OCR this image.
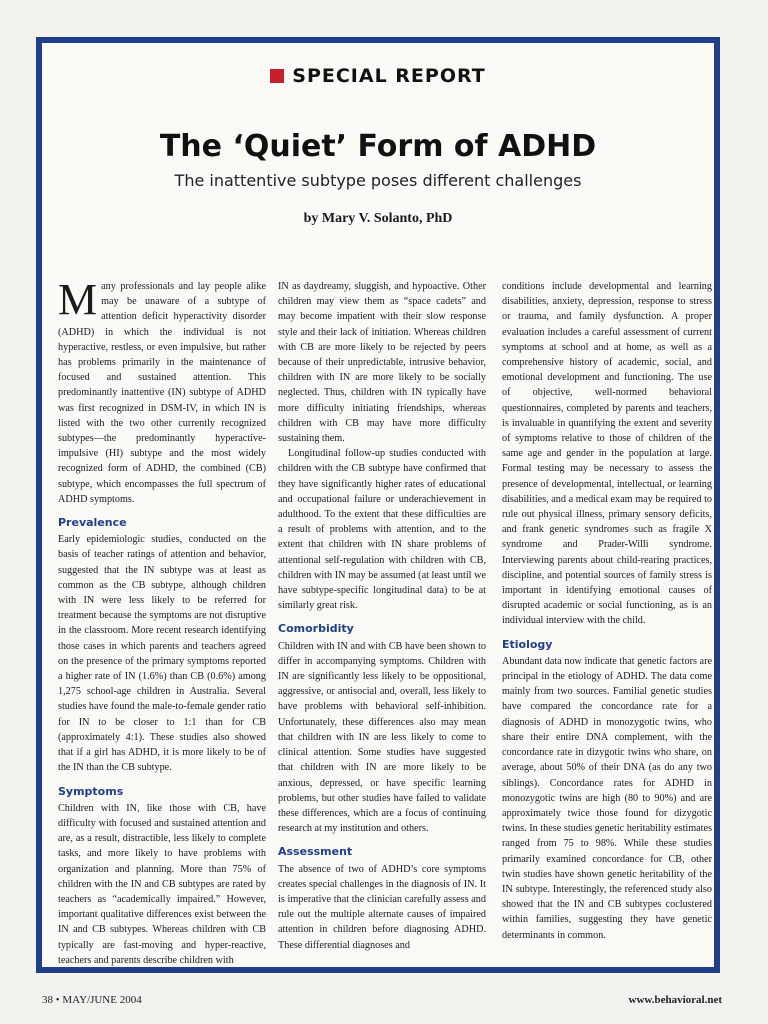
SPECIAL REPORT
The ‘Quiet’ Form of ADHD
The inattentive subtype poses different challenges
by Mary V. Solanto, PhD

Many professionals and lay people alike may be unaware of a subtype of attention deficit hyperactivity disorder (ADHD) in which the individual is not hyperactive, restless, or even impulsive, but rather has problems primarily in the maintenance of focused and sustained attention. This predominantly inattentive (IN) subtype of ADHD was first recognized in DSM-IV, in which IN is listed with the two other currently recognized subtypes—the predominantly hyperactive-impulsive (HI) subtype and the most widely recognized form of ADHD, the combined (CB) subtype, which encompasses the full spectrum of ADHD symptoms.

Prevalence

Early epidemiologic studies, conducted on the basis of teacher ratings of attention and behavior, suggested that the IN subtype was at least as common as the CB subtype, although children with IN were less likely to be referred for treatment because the symptoms are not disruptive in the classroom. More recent research identifying those cases in which parents and teachers agreed on the presence of the primary symptoms reported a higher rate of IN (1.6%) than CB (0.6%) among 1,275 school-age children in Australia. Several studies have found the male-to-female gender ratio for IN to be closer to 1:1 than for CB (approximately 4:1). These studies also showed that if a girl has ADHD, it is more likely to be of the IN than the CB subtype.

Symptoms

Children with IN, like those with CB, have difficulty with focused and sustained attention and are, as a result, distractible, less likely to complete tasks, and more likely to have problems with organization and planning. More than 75% of children with the IN and CB subtypes are rated by teachers as “academically impaired.” However, important qualitative differences exist between the IN and CB subtypes. Whereas children with CB typically are fast-moving and hyper-reactive, teachers and parents describe children with

IN as daydreamy, sluggish, and hypoactive. Other children may view them as “space cadets” and may become impatient with their slow response style and their lack of initiation. Whereas children with CB are more likely to be rejected by peers because of their unpredictable, intrusive behavior, children with IN are more likely to be socially neglected. Thus, children with IN typically have more difficulty initiating friendships, whereas children with CB may have more difficulty sustaining them.

Longitudinal follow-up studies conducted with children with the CB subtype have confirmed that they have significantly higher rates of educational and occupational failure or underachievement in adulthood. To the extent that these difficulties are a result of problems with attention, and to the extent that children with IN share problems of attentional self-regulation with children with CB, children with IN may be assumed (at least until we have subtype-specific longitudinal data) to be at similarly great risk.

Comorbidity

Children with IN and with CB have been shown to differ in accompanying symptoms. Children with IN are significantly less likely to be oppositional, aggressive, or antisocial and, overall, less likely to have problems with behavioral self-inhibition. Unfortunately, these differences also may mean that children with IN are less likely to come to clinical attention. Some studies have suggested that children with IN are more likely to be anxious, depressed, or have specific learning problems, but other studies have failed to validate these differences, which are a focus of continuing research at my institution and others.

Assessment

The absence of two of ADHD’s core symptoms creates special challenges in the diagnosis of IN. It is imperative that the clinician carefully assess and rule out the multiple alternate causes of impaired attention in children before diagnosing ADHD. These differential diagnoses and

conditions include developmental and learning disabilities, anxiety, depression, response to stress or trauma, and family dysfunction. A proper evaluation includes a careful assessment of current symptoms at school and at home, as well as a comprehensive history of academic, social, and emotional development and functioning. The use of objective, well-normed behavioral questionnaires, completed by parents and teachers, is invaluable in quantifying the extent and severity of symptoms relative to those of children of the same age and gender in the population at large. Formal testing may be necessary to assess the presence of developmental, intellectual, or learning disabilities, and a medical exam may be required to rule out physical illness, primary sensory deficits, and frank genetic syndromes such as fragile X syndrome and Prader-Willi syndrome. Interviewing parents about child-rearing practices, discipline, and potential sources of family stress is important in identifying emotional causes of disrupted academic or social functioning, as is an individual interview with the child.

Etiology

Abundant data now indicate that genetic factors are principal in the etiology of ADHD. The data come mainly from two sources. Familial genetic studies have compared the concordance rate for a diagnosis of ADHD in monozygotic twins, who share their entire DNA complement, with the concordance rate in dizygotic twins who share, on average, about 50% of their DNA (as do any two siblings). Concordance rates for ADHD in monozygotic twins are high (80 to 90%) and are approximately twice those found for dizygotic twins. In these studies genetic heritability estimates ranged from 75 to 98%. While these studies primarily examined concordance for CB, other twin studies have shown genetic heritability of the IN subtype. Interestingly, the referenced study also showed that the IN and CB subtypes coclustered within families, suggesting they have genetic determinants in common.

38 • MAY/JUNE 2004	www.behavioral.net
